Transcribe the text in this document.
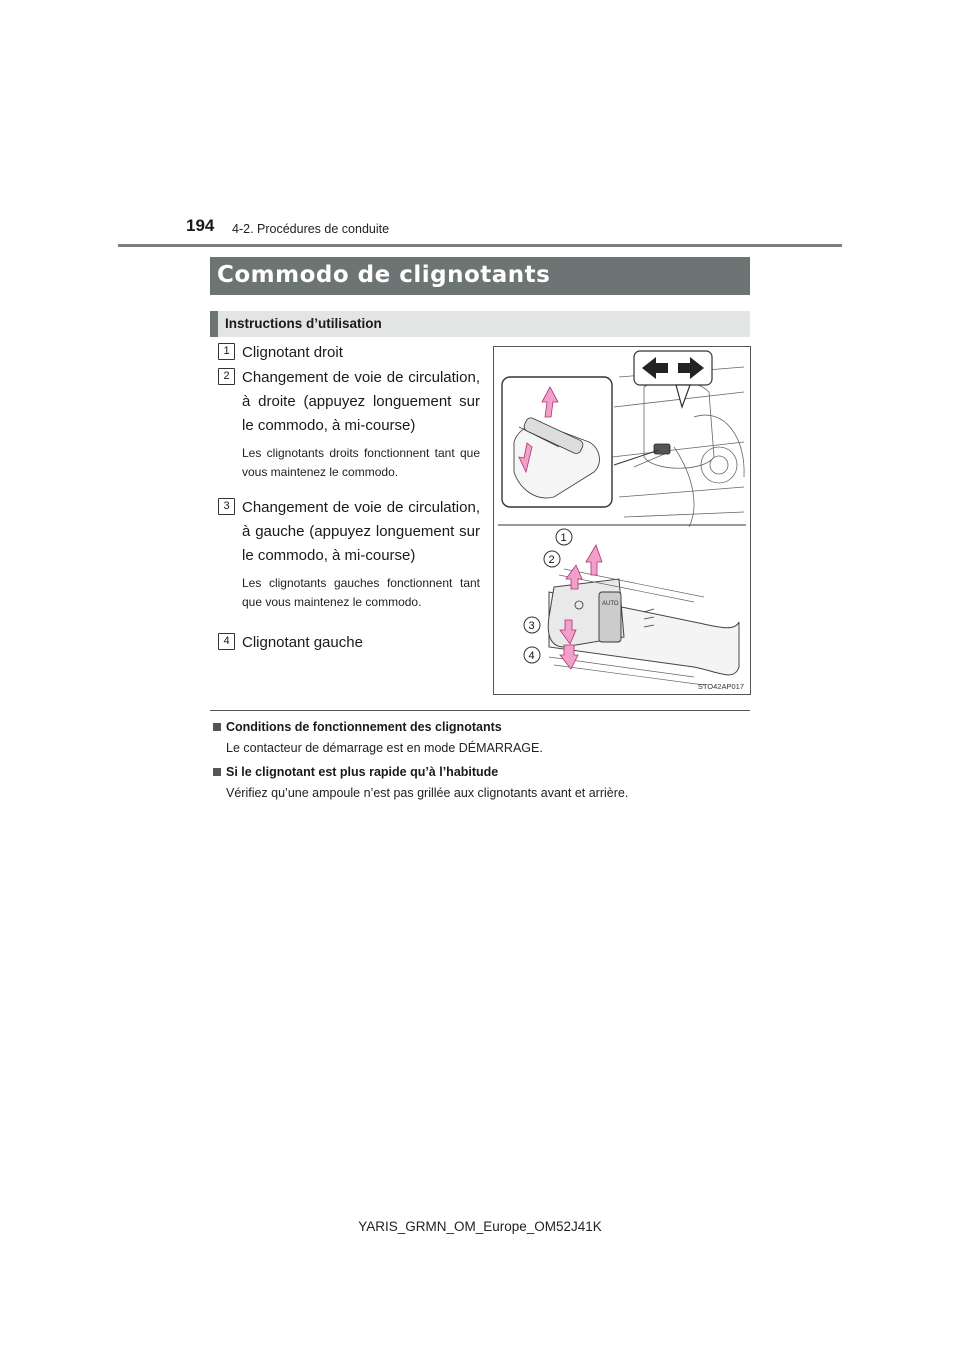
194 4-2. Procédures de conduite
Commodo de clignotants
Instructions d’utilisation
1 Clignotant droit
2 Changement de voie de circulation, à droite (appuyez longuement sur le commodo, à mi-course)
Les clignotants droits fonctionnent tant que vous maintenez le commodo.
3 Changement de voie de circulation, à gauche (appuyez longuement sur le commodo, à mi-course)
Les clignotants gauches fonctionnent tant que vous maintenez le commodo.
4 Clignotant gauche
AUTO
1
2
3
4
STO42AP017
Conditions de fonctionnement des clignotants
Le contacteur de démarrage est en mode DÉMARRAGE.
Si le clignotant est plus rapide qu’à l’habitude
Vérifiez qu’une ampoule n’est pas grillée aux clignotants avant et arrière.
YARIS_GRMN_OM_Europe_OM52J41K
